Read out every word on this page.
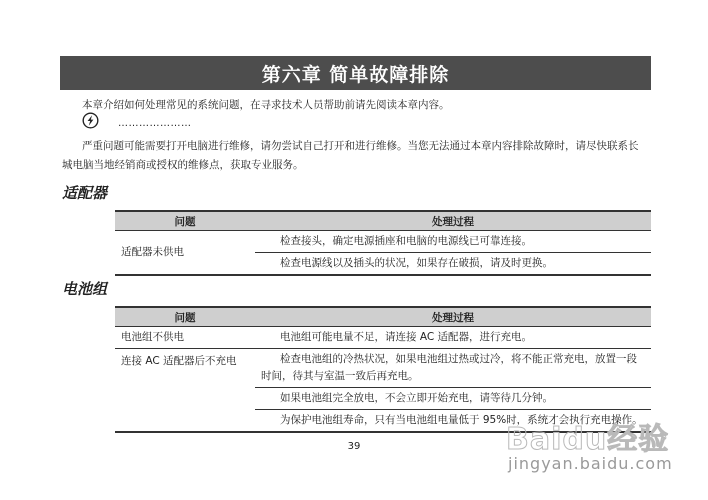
第六章 简单故障排除
本章介绍如何处理常见的系统问题，在寻求技术人员帮助前请先阅读本章内容。
…………………
严重问题可能需要打开电脑进行维修，请勿尝试自己打开和进行维修。当您无法通过本章内容排除故障时，请尽快联系长
城电脑当地经销商或授权的维修点，获取专业服务。
适配器
问题	处理过程
适配器未供电	检查接头，确定电源插座和电脑的电源线已可靠连接。
	检查电源线以及插头的状况，如果存在破损，请及时更换。
电池组
问题	处理过程
电池组不供电	电池组可能电量不足，请连接 AC 适配器，进行充电。
连接 AC 适配器后不充电	检查电池组的冷热状况，如果电池组过热或过冷，将不能正常充电，放置一段时间，待其与室温一致后再充电。
	如果电池组完全放电，不会立即开始充电，请等待几分钟。
	为保护电池组寿命，只有当电池组电量低于 95%时，系统才会执行充电操作。
39	Baidu经验
jingyan.baidu.com
